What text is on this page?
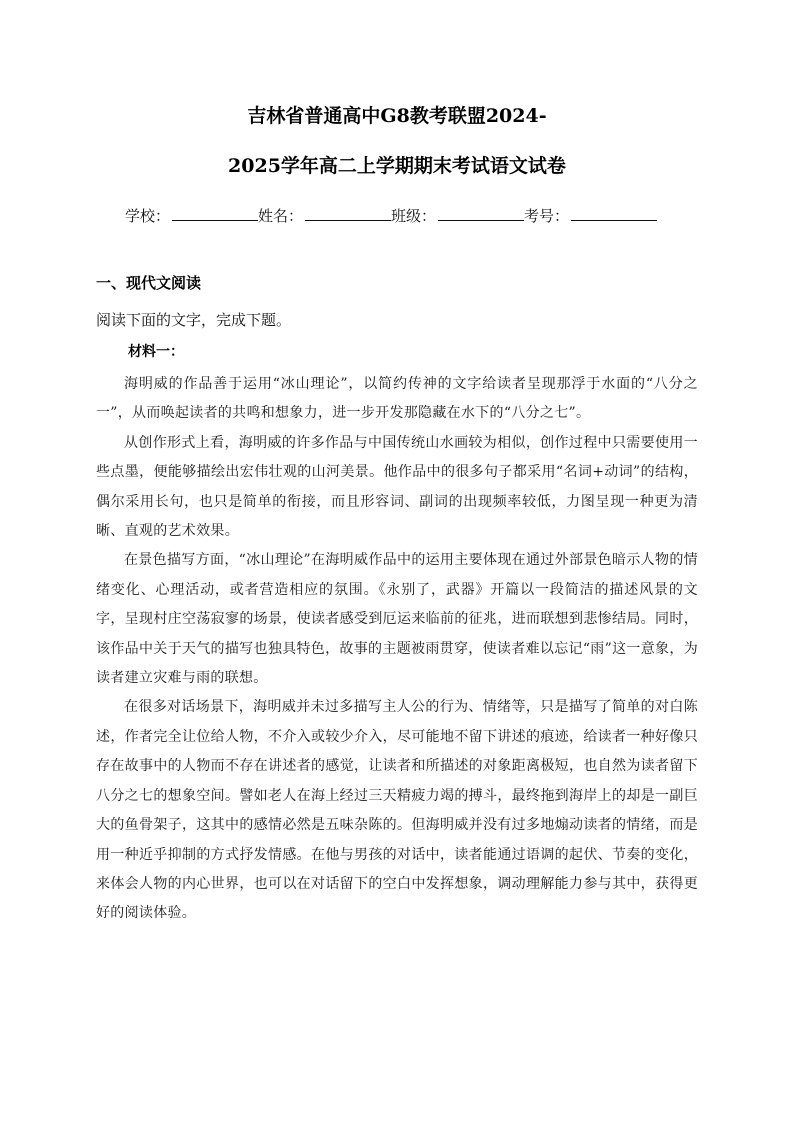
吉林省普通高中G8教考联盟2024-
2025学年高二上学期期末考试语文试卷
学校：	姓名：	班级：	考号：
一、现代文阅读
阅读下面的文字，完成下题。
材料一：

海明威的作品善于运用“冰山理论”，以简约传神的文字给读者呈现那浮于水面的“八分之一”，从而唤起读者的共鸣和想象力，进一步开发那隐藏在水下的“八分之七”。

从创作形式上看，海明威的许多作品与中国传统山水画较为相似，创作过程中只需要使用一些点墨，便能够描绘出宏伟壮观的山河美景。他作品中的很多句子都采用“名词+动词”的结构，偶尔采用长句，也只是简单的衔接，而且形容词、副词的出现频率较低，力图呈现一种更为清晰、直观的艺术效果。

在景色描写方面，“冰山理论”在海明威作品中的运用主要体现在通过外部景色暗示人物的情绪变化、心理活动，或者营造相应的氛围。《永别了，武器》开篇以一段简洁的描述风景的文字，呈现村庄空荡寂寥的场景，使读者感受到厄运来临前的征兆，进而联想到悲惨结局。同时，该作品中关于天气的描写也独具特色，故事的主题被雨贯穿，使读者难以忘记“雨”这一意象，为读者建立灾难与雨的联想。

在很多对话场景下，海明威并未过多描写主人公的行为、情绪等，只是描写了简单的对白陈述，作者完全让位给人物，不介入或较少介入，尽可能地不留下讲述的痕迹，给读者一种好像只存在故事中的人物而不存在讲述者的感觉，让读者和所描述的对象距离极短，也自然为读者留下八分之七的想象空间。譬如老人在海上经过三天精疲力竭的搏斗，最终拖到海岸上的却是一副巨大的鱼骨架子，这其中的感情必然是五味杂陈的。但海明威并没有过多地煽动读者的情绪，而是用一种近乎抑制的方式抒发情感。在他与男孩的对话中，读者能通过语调的起伏、节奏的变化，来体会人物的内心世界，也可以在对话留下的空白中发挥想象，调动理解能力参与其中，获得更好的阅读体验。
